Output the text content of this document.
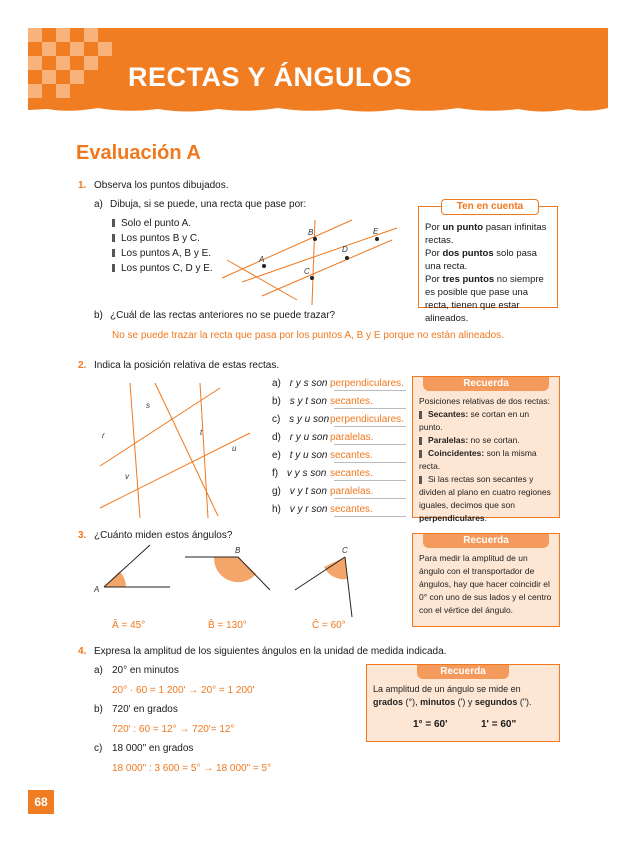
RECTAS Y ÁNGULOS
Evaluación A
1. Observa los puntos dibujados.
a) Dibuja, si se puede, una recta que pase por:
Solo el punto A.
Los puntos B y C.
Los puntos A, B y E.
Los puntos C, D y E.
A
B
C
D
E
b) ¿Cuál de las rectas anteriores no se puede trazar?
No se puede trazar la recta que pasa por los puntos A, B y E porque no están alineados.
Ten en cuenta
Por un punto pasan infinitas rectas.
Por dos puntos solo pasa una recta.
Por tres puntos no siempre es posible que pase una recta, tienen que estar alineados.
2. Indica la posición relativa de estas rectas.
s
t
r
u
v
a) r y s son perpendiculares.
b) s y t son secantes.
c) s y u son perpendiculares.
d) r y u son paralelas.
e) t y u son secantes.
f) v y s son secantes.
g) v y t son paralelas.
h) v y r son secantes.
Recuerda
Posiciones relativas de dos rectas:
Secantes: se cortan en un punto.
Paralelas: no se cortan.
Coincidentes: son la misma recta.
Si las rectas son secantes y dividen al plano en cuatro regiones iguales, decimos que son perpendiculares.
3. ¿Cuánto miden estos ángulos?
A
B	C
Â = 45°	B̂ = 130°	Ĉ = 60°
Recuerda
Para medir la amplitud de un ángulo con el transportador de ángulos, hay que hacer coincidir el 0° con uno de sus lados y el centro con el vértice del ángulo.
4. Expresa la amplitud de los siguientes ángulos en la unidad de medida indicada.
a) 20° en minutos
20° · 60 = 1 200' → 20° = 1 200'
b) 720' en grados
720' : 60 = 12° → 720'= 12°
c) 18 000" en grados
18 000" : 3 600 = 5° → 18 000" = 5°
Recuerda
La amplitud de un ángulo se mide en grados (°), minutos (') y segundos (").
1° = 60'	1' = 60"
68
